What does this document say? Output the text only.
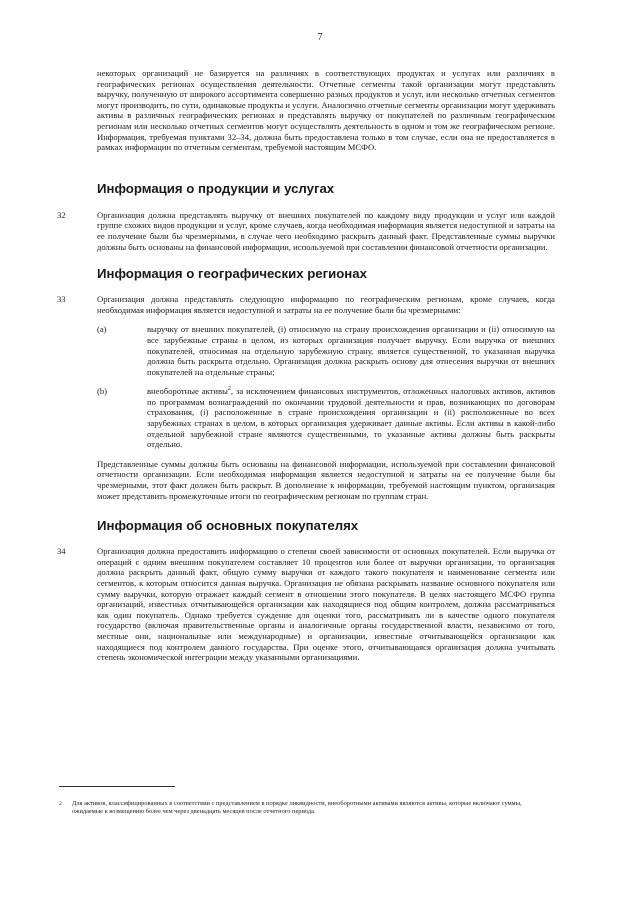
7

некоторых организаций не базируется на различиях в соответствующих продуктах и услугах или различиях в географических регионах осуществления деятельности. Отчетные сегменты такой организации могут представлять выручку, полученную от широкого ассортимента совершенно разных продуктов и услуг, или несколько отчетных сегментов могут производить, по сути, одинаковые продукты и услуги. Аналогично отчетные сегменты организации могут удерживать активы в различных географических регионах и представлять выручку от покупателей по различным географическим регионам или несколько отчетных сегментов могут осуществлять деятельность в одном и том же географическом регионе. Информация, требуемая пунктами 32–34, должна быть предоставлена только в том случае, если она не предоставляется в рамках информации по отчетным сегментам, требуемой настоящим МСФО.

Информация о продукции и услугах
32	Организация должна представлять выручку от внешних покупателей по каждому виду продукции и услуг или каждой группе схожих видов продукции и услуг, кроме случаев, когда необходимая информация является недоступной и затраты на ее получение были бы чрезмерными, в случае чего необходимо раскрыть данный факт. Представленные суммы выручки должны быть основаны на финансовой информации, используемой при составлении финансовой отчетности организации.

Информация о географических регионах
33	Организация должна представлять следующую информацию по географическим регионам, кроме случаев, когда необходимая информация является недоступной и затраты на ее получение были бы чрезмерными:

(a)	выручку от внешних покупателей, (i) относимую на страну происхождения организации и (ii) относимую на все зарубежные страны в целом, из которых организация получает выручку. Если выручка от внешних покупателей, относимая на отдельную зарубежную страну, является существенной, то указанная выручка должна быть раскрыта отдельно. Организация должна раскрыть основу для отнесения выручки от внешних покупателей на отдельные страны;

(b)	внеоборотные активы$^2$, за исключением финансовых инструментов, отложенных налоговых активов, активов по программам вознаграждений по окончании трудовой деятельности и прав, возникающих по договорам страхования, (i) расположенные в стране происхождения организации и (ii) расположенные во всех зарубежных странах в целом, в которых организация удерживает данные активы. Если активы в какой-либо отдельной зарубежной стране являются существенными, то указанные активы должны быть раскрыты отдельно.

Представленные суммы должны быть основаны на финансовой информации, используемой при составлении финансовой отчетности организации. Если необходимая информация является недоступной и затраты на ее получение были бы чрезмерными, этот факт должен быть раскрыт. В дополнение к информации, требуемой настоящим пунктом, организация может представить промежуточные итоги по географическим регионам по группам стран.

Информация об основных покупателях
34	Организация должна предоставить информацию о степени своей зависимости от основных покупателей. Если выручка от операций с одним внешним покупателем составляет 10 процентов или более от выручки организации, то организация должна раскрыть данный факт, общую сумму выручки от каждого такого покупателя и наименование сегмента или сегментов, к которым относится данная выручка. Организация не обязана раскрывать название основного покупателя или сумму выручки, которую отражает каждый сегмент в отношении этого покупателя. В целях настоящего МСФО группа организаций, известных отчитывающейся организации как находящиеся под общим контролем, должна рассматриваться как один покупатель. Однако требуется суждение для оценки того, рассматривать ли в качестве одного покупателя государство (включая правительственные органы и аналогичные органы государственной власти, независимо от того, местные они, национальные или международные) и организации, известные отчитывающейся организации как находящиеся под контролем данного государства. При оценке этого, отчитывающаяся организация должна учитывать степень экономической интеграции между указанными организациями.

2	Для активов, классифицированных в соответствии с представлением в порядке ликвидности, внеоборотными активами являются активы, которые включают суммы, ожидаемые к возмещению более чем через двенадцать месяцев после отчетного периода.
